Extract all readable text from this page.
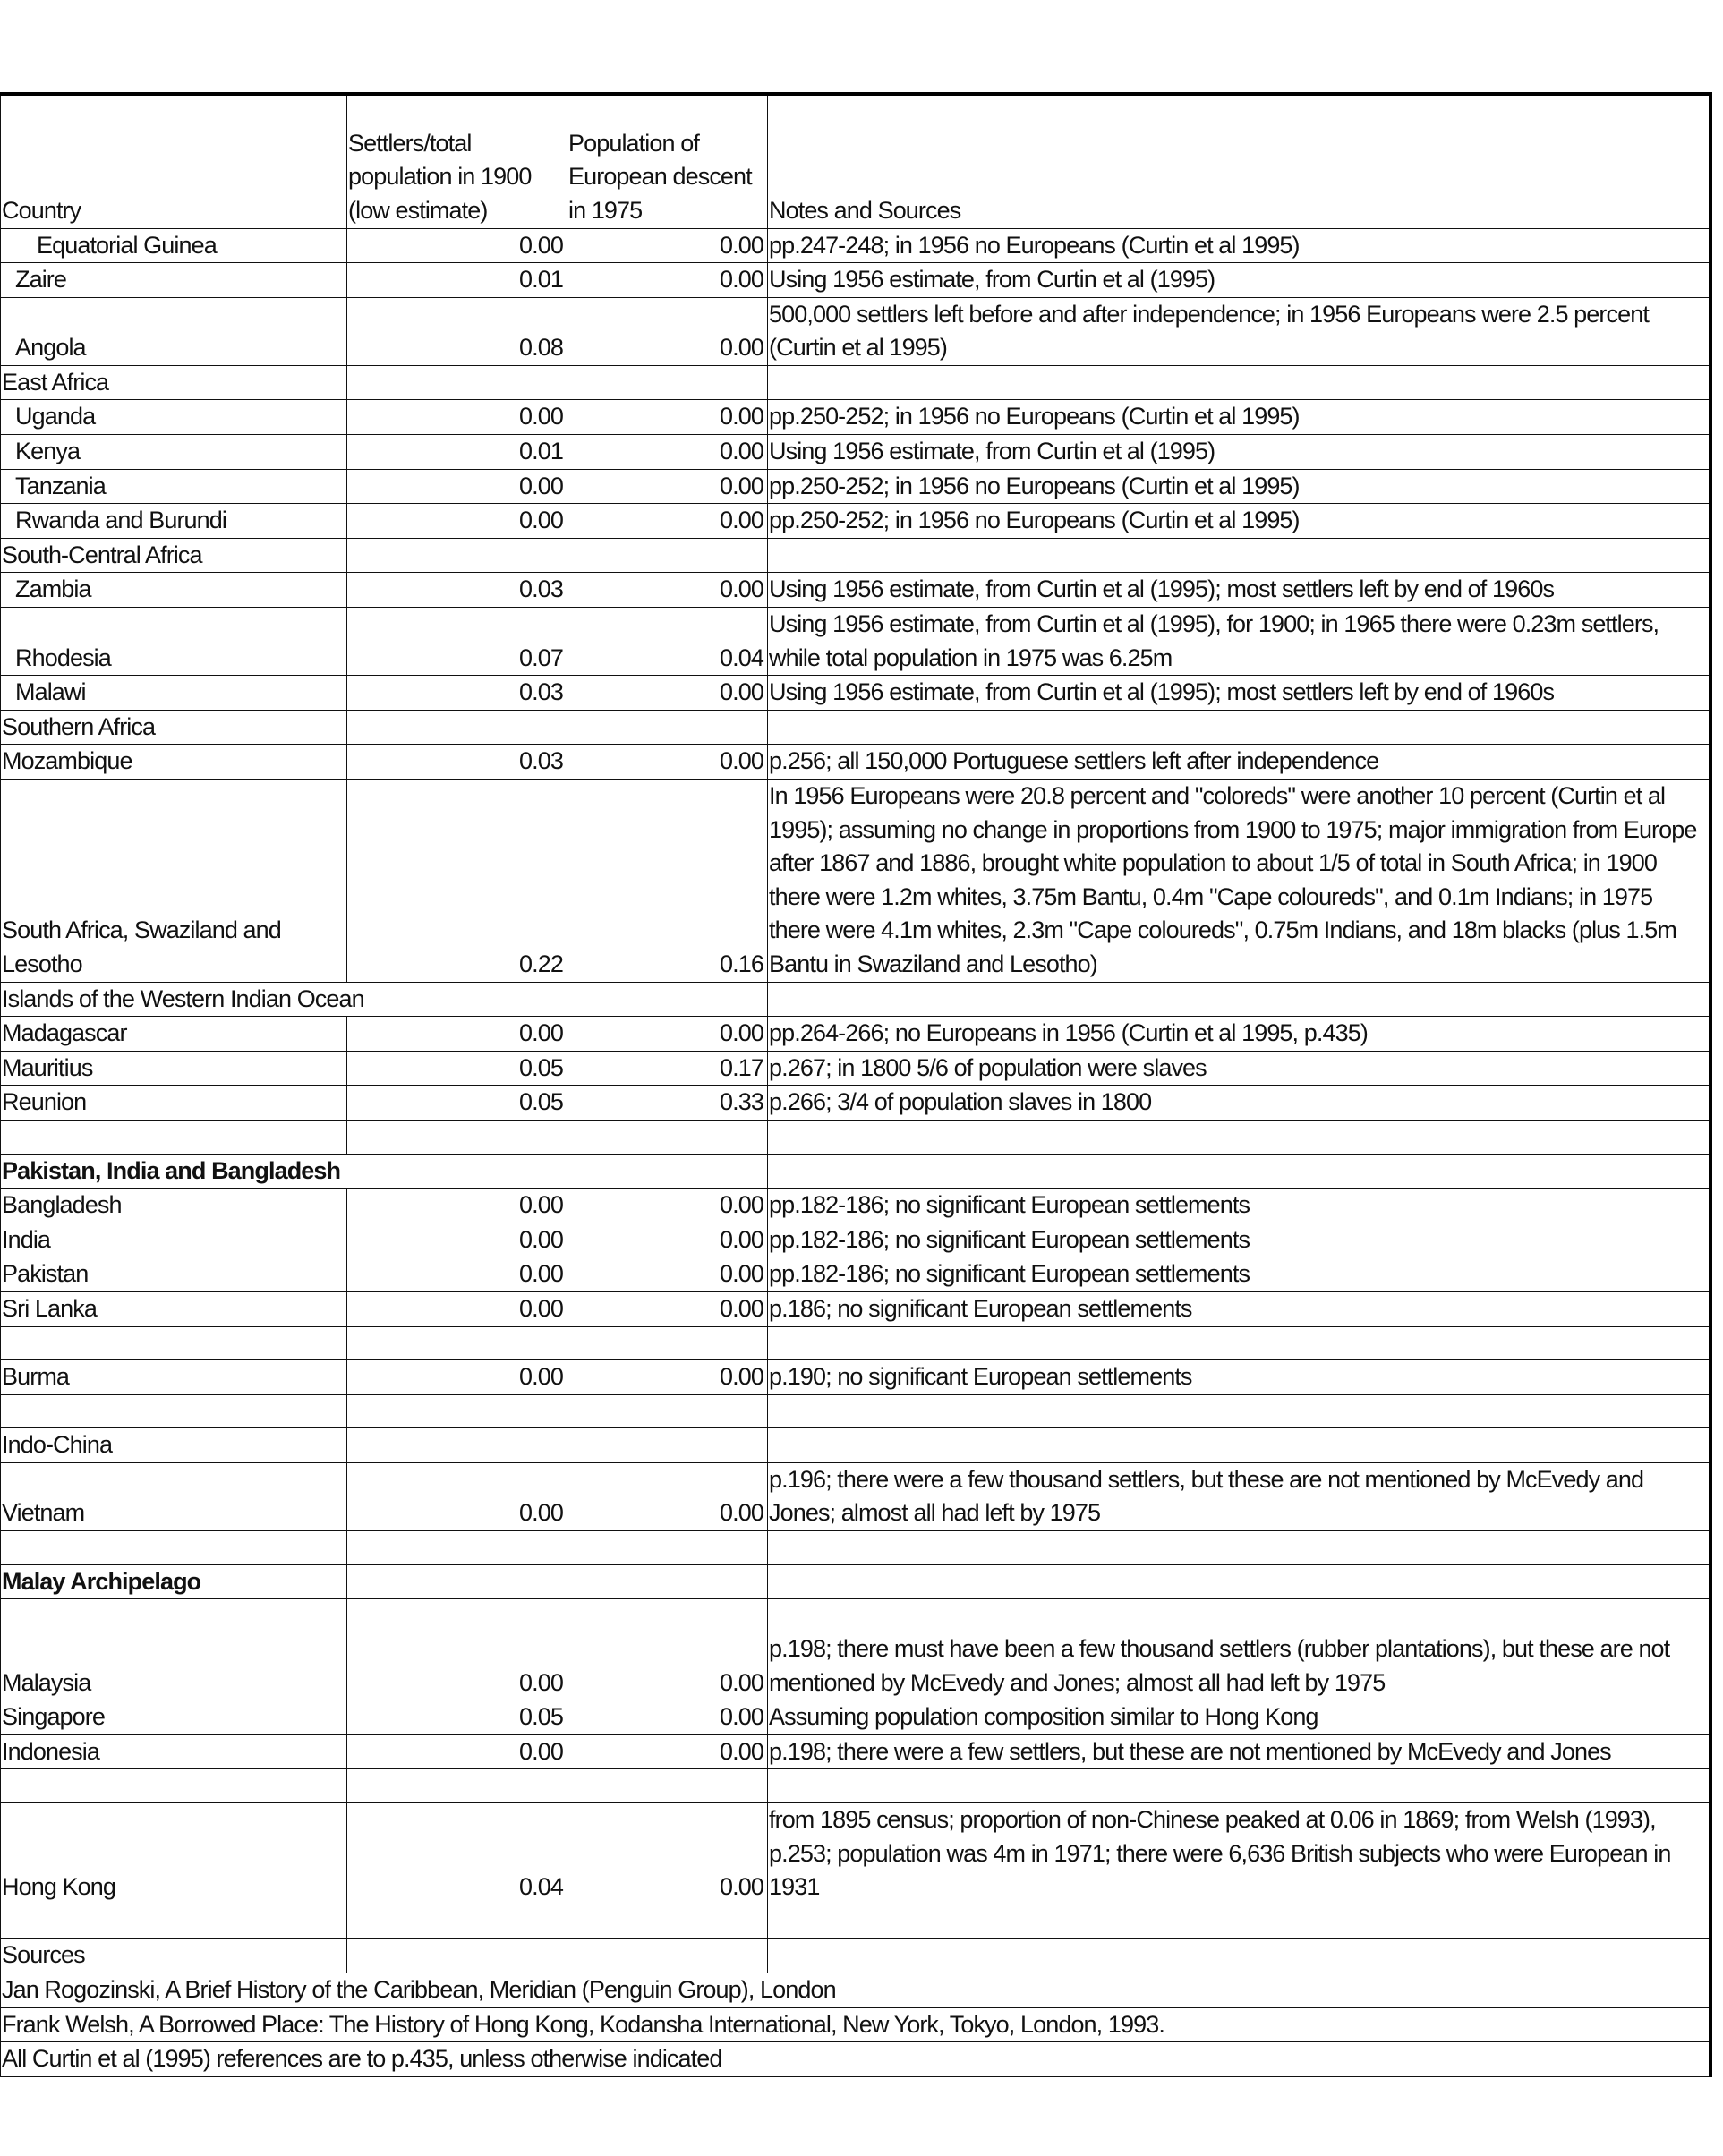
Country	Settlers/total population in 1900 (low estimate)	Population of European descent in 1975	Notes and Sources
Equatorial Guinea	0.00	0.00	pp.247-248; in 1956 no Europeans (Curtin et al 1995)
Zaire	0.01	0.00	Using 1956 estimate, from Curtin et al (1995)
Angola	0.08	0.00	500,000 settlers left before and after independence; in 1956 Europeans were 2.5 percent (Curtin et al 1995)
East Africa			
Uganda	0.00	0.00	pp.250-252; in 1956 no Europeans (Curtin et al 1995)
Kenya	0.01	0.00	Using 1956 estimate, from Curtin et al (1995)
Tanzania	0.00	0.00	pp.250-252; in 1956 no Europeans (Curtin et al 1995)
Rwanda and Burundi	0.00	0.00	pp.250-252; in 1956 no Europeans (Curtin et al 1995)
South-Central Africa			
Zambia	0.03	0.00	Using 1956 estimate, from Curtin et al (1995); most settlers left by end of 1960s
Rhodesia	0.07	0.04	Using 1956 estimate, from Curtin et al (1995), for 1900; in 1965 there were 0.23m settlers, while total population in 1975 was 6.25m
Malawi	0.03	0.00	Using 1956 estimate, from Curtin et al (1995); most settlers left by end of 1960s
Southern Africa			
Mozambique	0.03	0.00	p.256; all 150,000 Portuguese settlers left after independence
South Africa, Swaziland and Lesotho	0.22	0.16	In 1956 Europeans were 20.8 percent and "coloreds" were another 10 percent (Curtin et al 1995); assuming no change in proportions from 1900 to 1975; major immigration from Europe after 1867 and 1886, brought white population to about 1/5 of total in South Africa; in 1900 there were 1.2m whites, 3.75m Bantu, 0.4m "Cape coloureds", and 0.1m Indians; in 1975 there were 4.1m whites, 2.3m "Cape coloureds", 0.75m Indians, and 18m blacks (plus 1.5m Bantu in Swaziland and Lesotho)
Islands of the Western Indian Ocean			
Madagascar	0.00	0.00	pp.264-266; no Europeans in 1956 (Curtin et al 1995, p.435)
Mauritius	0.05	0.17	p.267; in 1800 5/6 of population were slaves
Reunion	0.05	0.33	p.266; 3/4 of population slaves in 1800

Pakistan, India and Bangladesh			
Bangladesh	0.00	0.00	pp.182-186; no significant European settlements
India	0.00	0.00	pp.182-186; no significant European settlements
Pakistan	0.00	0.00	pp.182-186; no significant European settlements
Sri Lanka	0.00	0.00	p.186; no significant European settlements

Burma	0.00	0.00	p.190; no significant European settlements

Indo-China			
Vietnam	0.00	0.00	p.196; there were a few thousand settlers, but these are not mentioned by McEvedy and Jones; almost all had left by 1975

Malay Archipelago			
Malaysia	0.00	0.00	p.198; there must have been a few thousand settlers (rubber plantations), but these are not mentioned by McEvedy and Jones; almost all had left by 1975
Singapore	0.05	0.00	Assuming population composition similar to Hong Kong
Indonesia	0.00	0.00	p.198; there were a few settlers, but these are not mentioned by McEvedy and Jones

Hong Kong	0.04	0.00	from 1895 census; proportion of non-Chinese peaked at 0.06 in 1869; from Welsh (1993), p.253; population was 4m in 1971; there were 6,636 British subjects who were European in 1931

Sources			
Jan Rogozinski, A Brief History of the Caribbean, Meridian (Penguin Group), London			
Frank Welsh, A Borrowed Place: The History of Hong Kong, Kodansha International, New York, Tokyo, London, 1993.			
All Curtin et al (1995) references are to p.435, unless otherwise indicated			
